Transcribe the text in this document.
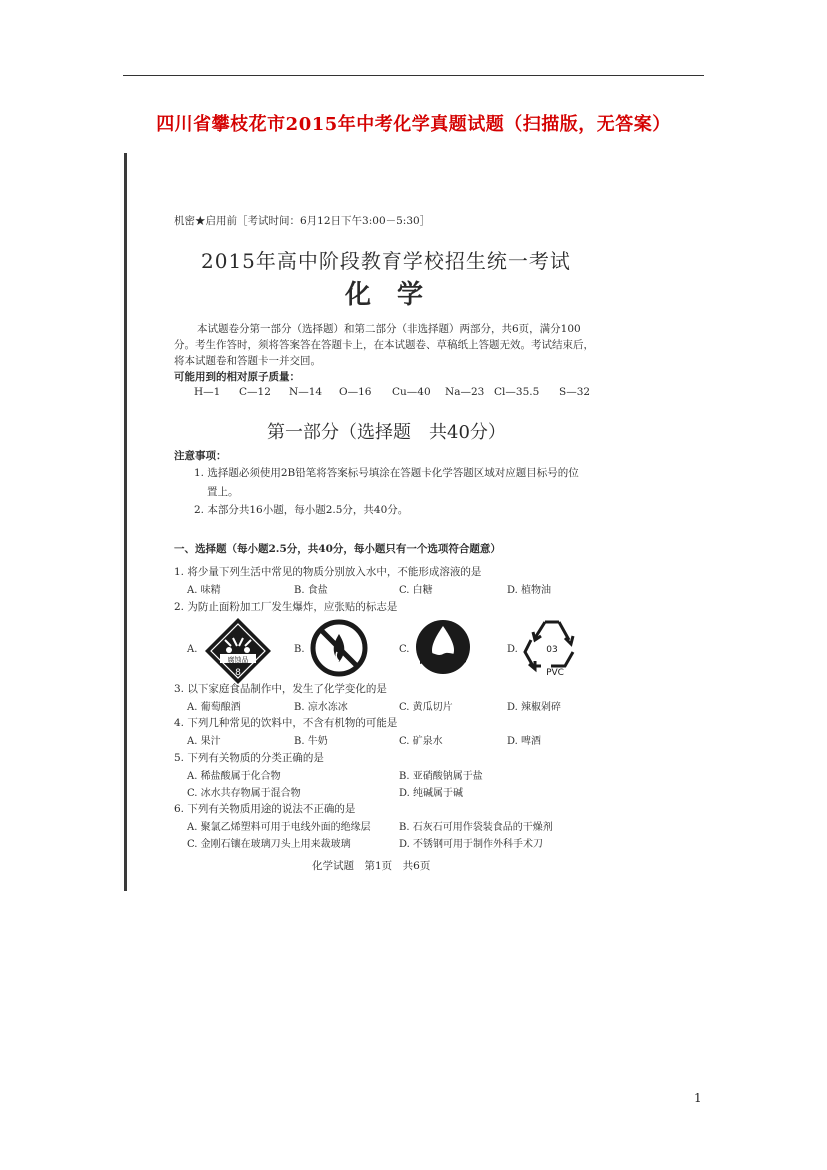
四川省攀枝花市2015年中考化学真题试题（扫描版，无答案）
机密★启用前［考试时间：6月12日下午3:00－5:30］
2015年高中阶段教育学校招生统一考试
化学
本试题卷分第一部分（选择题）和第二部分（非选择题）两部分，共6页，满分100
分。考生作答时，须将答案答在答题卡上，在本试题卷、草稿纸上答题无效。考试结束后，
将本试题卷和答题卡一并交回。
可能用到的相对原子质量：
H—1 C—12 N—14 O—16 Cu—40 Na—23 Cl—35.5 S—32
第一部分（选择题　共40分）
注意事项：
1. 选择题必须使用2B铅笔将答案标号填涂在答题卡化学答题区域对应题目标号的位
置上。
2. 本部分共16小题，每小题2.5分，共40分。
一、选择题（每小题2.5分，共40分，每小题只有一个选项符合题意）
1. 将少量下列生活中常见的物质分别放入水中，不能形成溶液的是
A. 味精	B. 食盐	C. 白糖	D. 植物油
2. 为防止面粉加工厂发生爆炸，应张贴的标志是
A.	B.	C.	D.
腐蚀品
8
03
PVC
3. 以下家庭食品制作中，发生了化学变化的是
A. 葡萄酿酒	B. 凉水冻冰	C. 黄瓜切片	D. 辣椒剁碎
4. 下列几种常见的饮料中，不含有机物的可能是
A. 果汁	B. 牛奶	C. 矿泉水	D. 啤酒
5. 下列有关物质的分类正确的是
A. 稀盐酸属于化合物	B. 亚硝酸钠属于盐
C. 冰水共存物属于混合物	D. 纯碱属于碱
6. 下列有关物质用途的说法不正确的是
A. 聚氯乙烯塑料可用于电线外面的绝缘层	B. 石灰石可用作袋装食品的干燥剂
C. 金刚石镶在玻璃刀头上用来裁玻璃	D. 不锈钢可用于制作外科手术刀
化学试题　第1页　共6页
1
